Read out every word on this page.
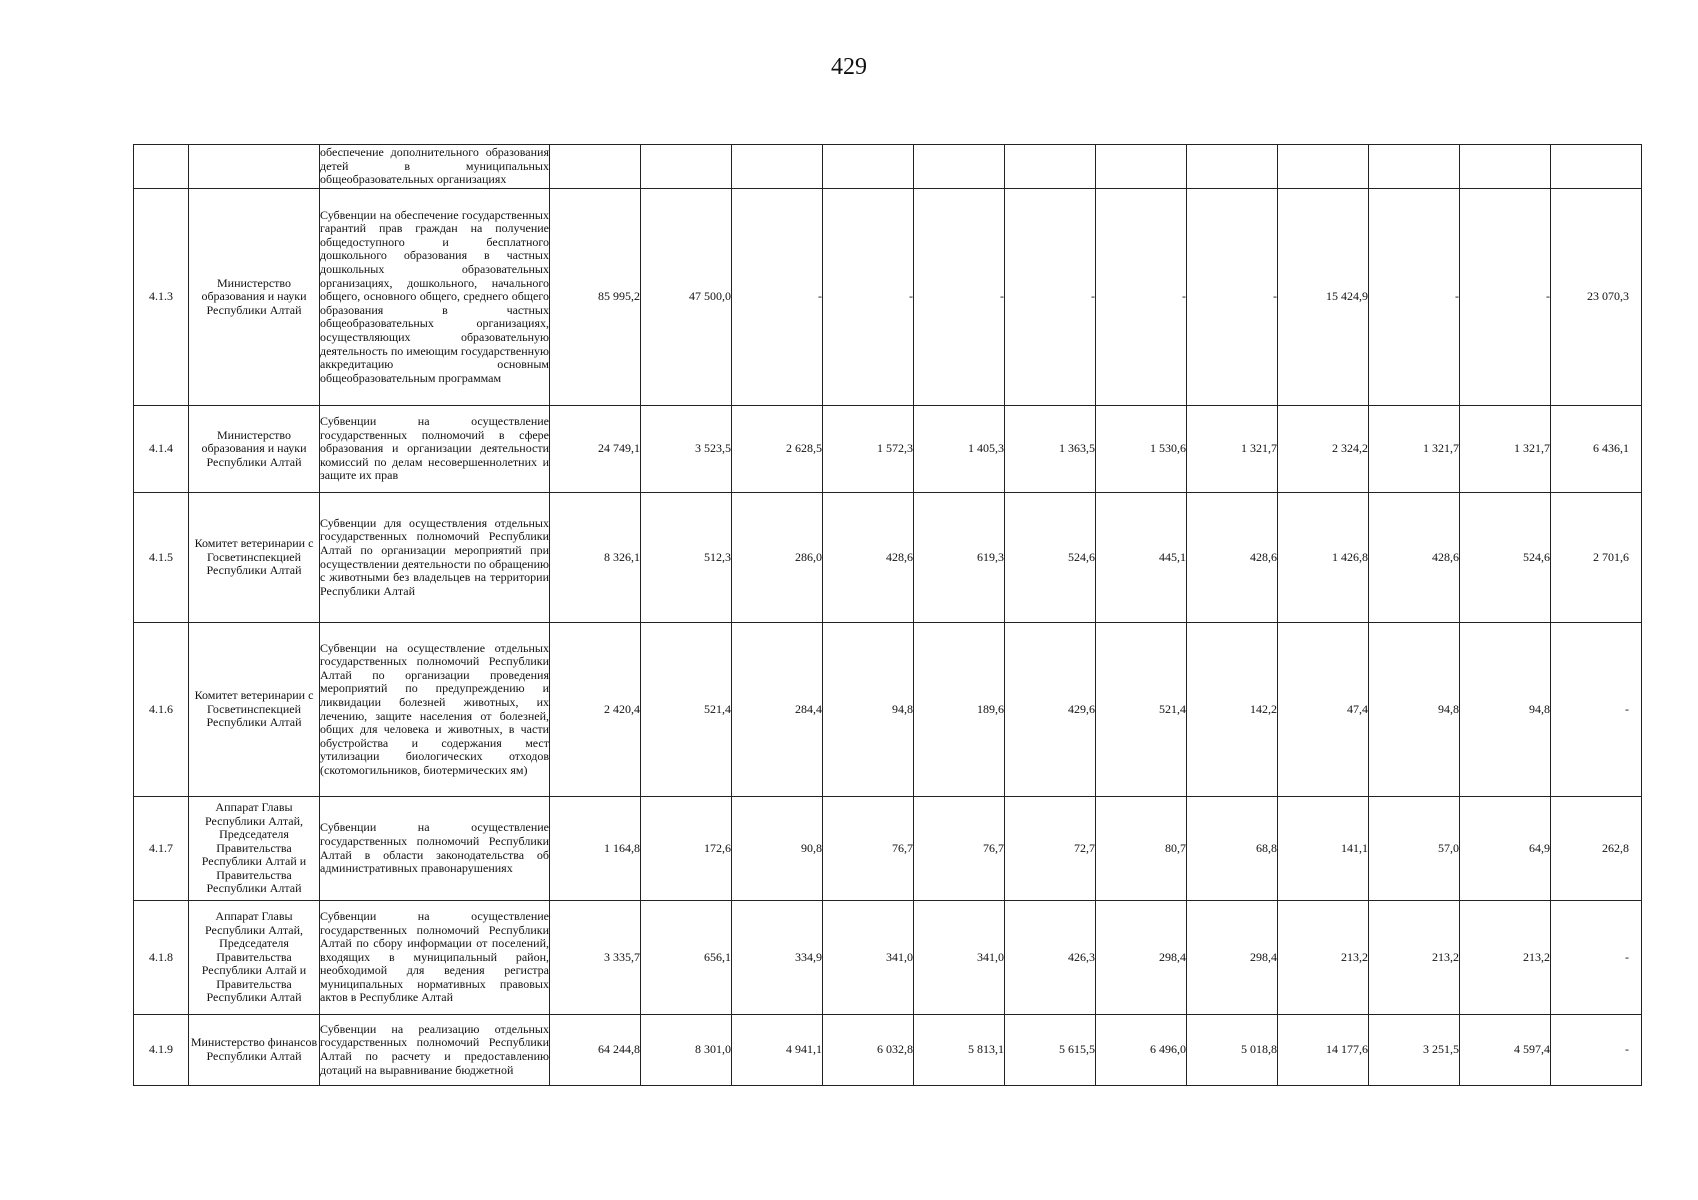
429
		обеспечение дополнительного образования детей в муниципальных общеобразовательных организациях												
4.1.3	Министерство образования и науки Республики Алтай	Субвенции на обеспечение государственных гарантий прав граждан на получение общедоступного и бесплатного дошкольного образования в частных дошкольных образовательных организациях, дошкольного, начального общего, основного общего, среднего общего образования в частных общеобразовательных организациях, осуществляющих образовательную деятельность по имеющим государственную аккредитацию основным общеобразовательным программам	85 995,2	47 500,0	-	-	-	-	-	-	15 424,9	-	-	23 070,3
4.1.4	Министерство образования и науки Республики Алтай	Субвенции на осуществление государственных полномочий в сфере образования и организации деятельности комиссий по делам несовершеннолетних и защите их прав	24 749,1	3 523,5	2 628,5	1 572,3	1 405,3	1 363,5	1 530,6	1 321,7	2 324,2	1 321,7	1 321,7	6 436,1
4.1.5	Комитет ветеринарии с Госветинспекцией Республики Алтай	Субвенции для осуществления отдельных государственных полномочий Республики Алтай по организации мероприятий при осуществлении деятельности по обращению с животными без владельцев на территории Республики Алтай	8 326,1	512,3	286,0	428,6	619,3	524,6	445,1	428,6	1 426,8	428,6	524,6	2 701,6
4.1.6	Комитет ветеринарии с Госветинспекцией Республики Алтай	Субвенции на осуществление отдельных государственных полномочий Республики Алтай по организации проведения мероприятий по предупреждению и ликвидации болезней животных, их лечению, защите населения от болезней, общих для человека и животных, в части обустройства и содержания мест утилизации биологических отходов (скотомогильников, биотермических ям)	2 420,4	521,4	284,4	94,8	189,6	429,6	521,4	142,2	47,4	94,8	94,8	-
4.1.7	Аппарат Главы Республики Алтай, Председателя Правительства Республики Алтай и Правительства Республики Алтай	Субвенции на осуществление государственных полномочий Республики Алтай в области законодательства об административных правонарушениях	1 164,8	172,6	90,8	76,7	76,7	72,7	80,7	68,8	141,1	57,0	64,9	262,8
4.1.8	Аппарат Главы Республики Алтай, Председателя Правительства Республики Алтай и Правительства Республики Алтай	Субвенции на осуществление государственных полномочий Республики Алтай по сбору информации от поселений, входящих в муниципальный район, необходимой для ведения регистра муниципальных нормативных правовых актов в Республике Алтай	3 335,7	656,1	334,9	341,0	341,0	426,3	298,4	298,4	213,2	213,2	213,2	-
4.1.9	Министерство финансов Республики Алтай	Субвенции на реализацию отдельных государственных полномочий Республики Алтай по расчету и предоставлению дотаций на выравнивание бюджетной	64 244,8	8 301,0	4 941,1	6 032,8	5 813,1	5 615,5	6 496,0	5 018,8	14 177,6	3 251,5	4 597,4	-
